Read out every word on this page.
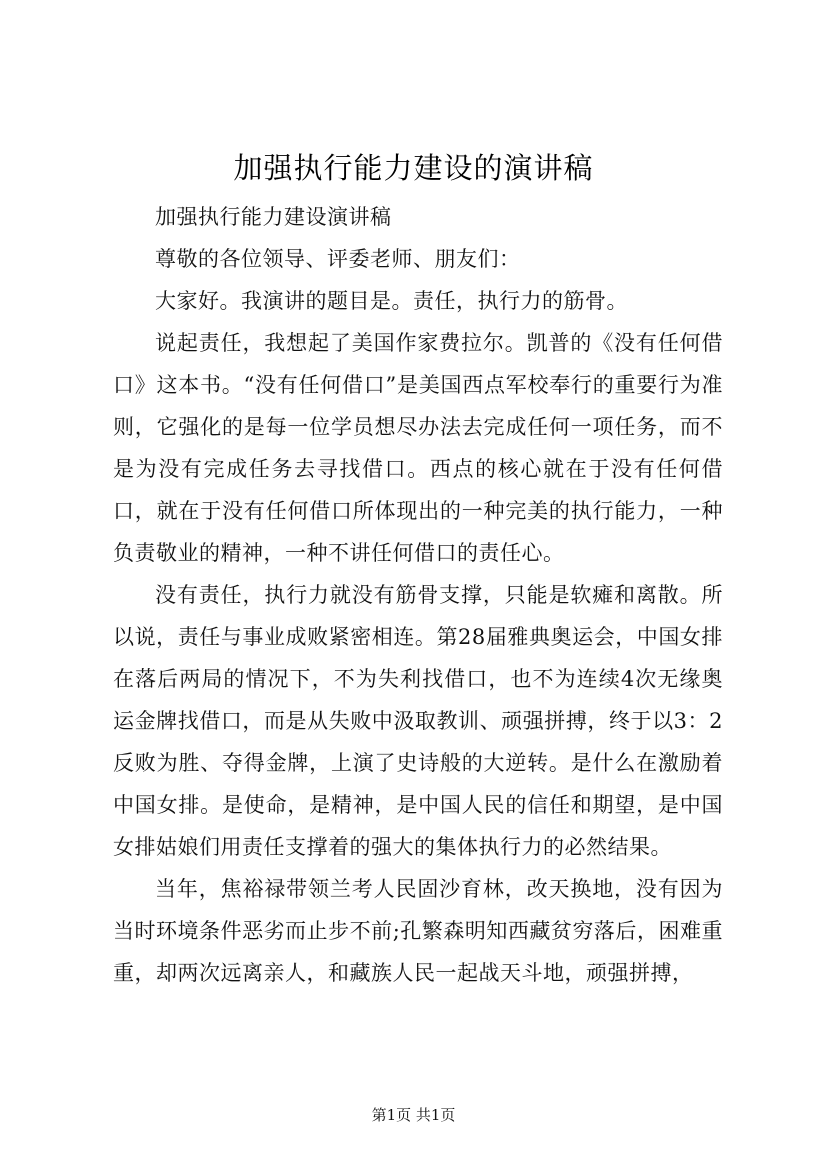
加强执行能力建设的演讲稿

加强执行能力建设演讲稿

尊敬的各位领导、评委老师、朋友们：

大家好。我演讲的题目是。责任，执行力的筋骨。

说起责任，我想起了美国作家费拉尔。凯普的《没有任何借口》这本书。“没有任何借口”是美国西点军校奉行的重要行为准则，它强化的是每一位学员想尽办法去完成任何一项任务，而不是为没有完成任务去寻找借口。西点的核心就在于没有任何借口，就在于没有任何借口所体现出的一种完美的执行能力，一种负责敬业的精神，一种不讲任何借口的责任心。

没有责任，执行力就没有筋骨支撑，只能是软瘫和离散。所以说，责任与事业成败紧密相连。第28届雅典奥运会，中国女排在落后两局的情况下，不为失利找借口，也不为连续4次无缘奥运金牌找借口，而是从失败中汲取教训、顽强拼搏，终于以3：2反败为胜、夺得金牌，上演了史诗般的大逆转。是什么在激励着中国女排。是使命，是精神，是中国人民的信任和期望，是中国女排姑娘们用责任支撑着的强大的集体执行力的必然结果。

当年，焦裕禄带领兰考人民固沙育林，改天换地，没有因为当时环境条件恶劣而止步不前;孔繁森明知西藏贫穷落后，困难重重，却两次远离亲人，和藏族人民一起战天斗地，顽强拼搏，

第1页 共1页
